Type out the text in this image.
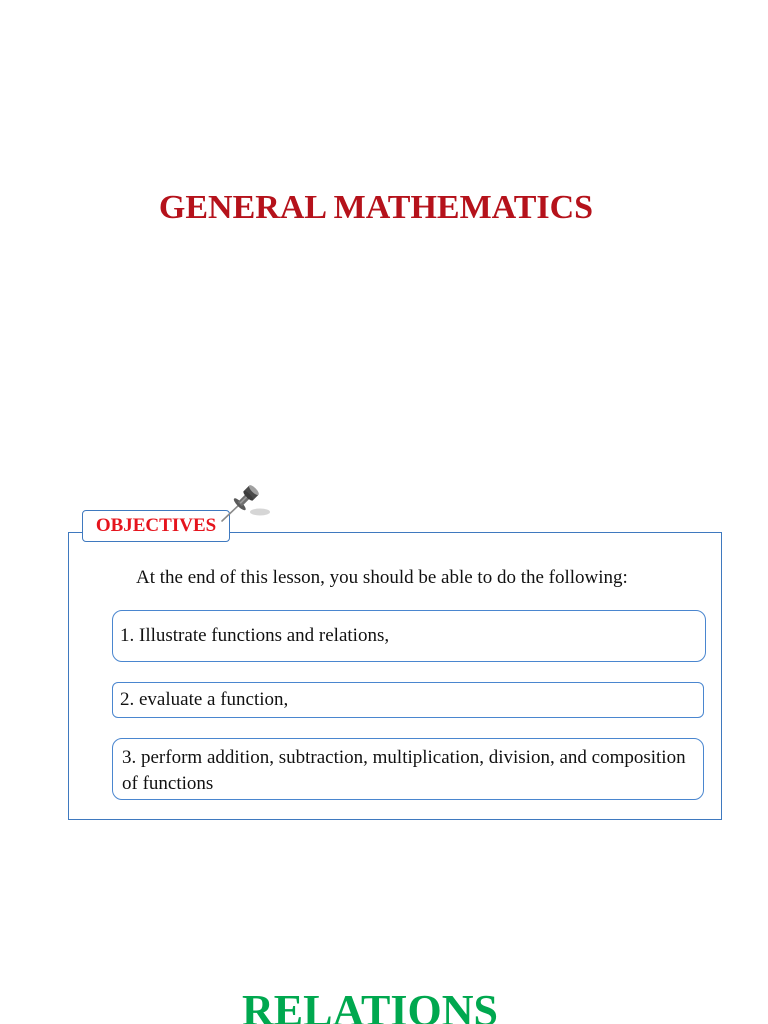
GENERAL MATHEMATICS
OBJECTIVES
At the end of this lesson, you should be able to do the following:
1. Illustrate functions and relations,
2. evaluate a function,
3. perform addition, subtraction, multiplication, division, and composition of functions
RELATIONS
